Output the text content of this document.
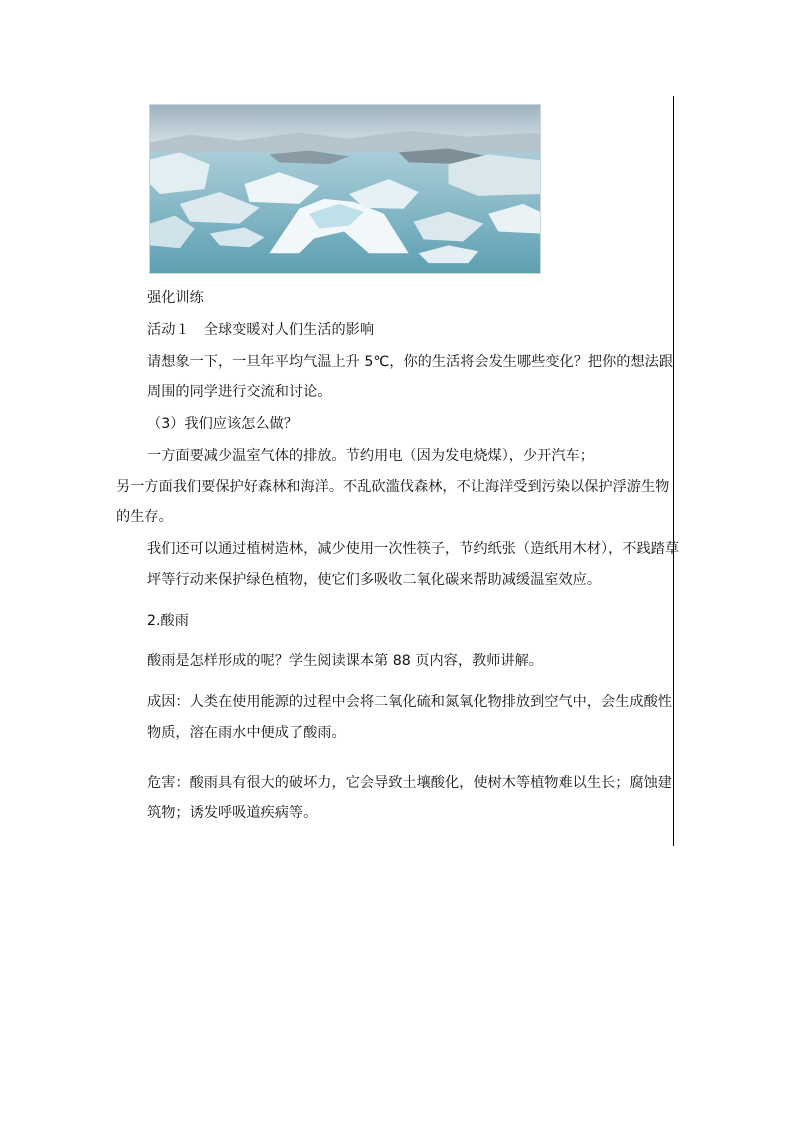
强化训练
活动１　全球变暖对人们生活的影响
请想象一下，一旦年平均气温上升 5℃，你的生活将会发生哪些变化？把你的想法跟
周围的同学进行交流和讨论。
（3）我们应该怎么做？
一方面要减少温室气体的排放。节约用电（因为发电烧煤），少开汽车；
另一方面我们要保护好森林和海洋。不乱砍滥伐森林，不让海洋受到污染以保护浮游生物
的生存。
我们还可以通过植树造林，减少使用一次性筷子，节约纸张（造纸用木材），不践踏草
坪等行动来保护绿色植物，使它们多吸收二氧化碳来帮助减缓温室效应。
2.酸雨
酸雨是怎样形成的呢？学生阅读课本第 88 页内容，教师讲解。
成因：人类在使用能源的过程中会将二氧化硫和氮氧化物排放到空气中，会生成酸性
物质，溶在雨水中便成了酸雨。
危害：酸雨具有很大的破坏力，它会导致土壤酸化，使树木等植物难以生长；腐蚀建
筑物；诱发呼吸道疾病等。
